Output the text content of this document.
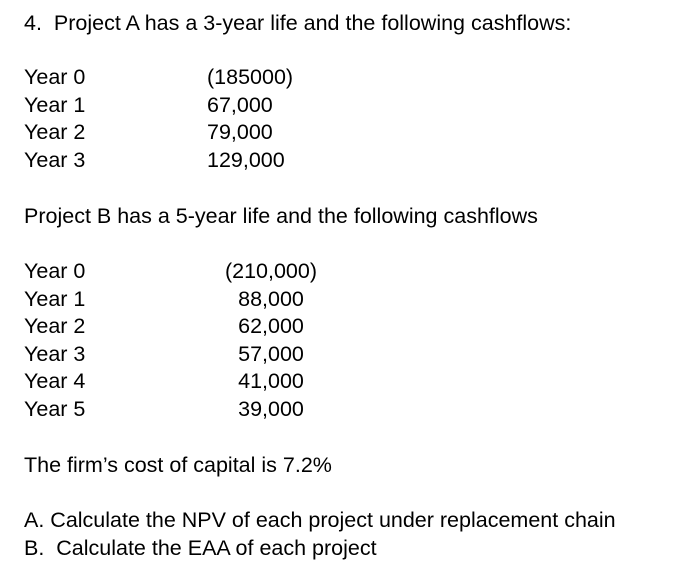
4.  Project A has a 3-year life and the following cashflows:
Year 0	(185000)
Year 1	67,000
Year 2	79,000
Year 3	129,000
Project B has a 5-year life and the following cashflows
Year 0	(210,000)
Year 1	88,000
Year 2	62,000
Year 3	57,000
Year 4	41,000
Year 5	39,000
The firm’s cost of capital is 7.2%
A. Calculate the NPV of each project under replacement chain
B.  Calculate the EAA of each project
